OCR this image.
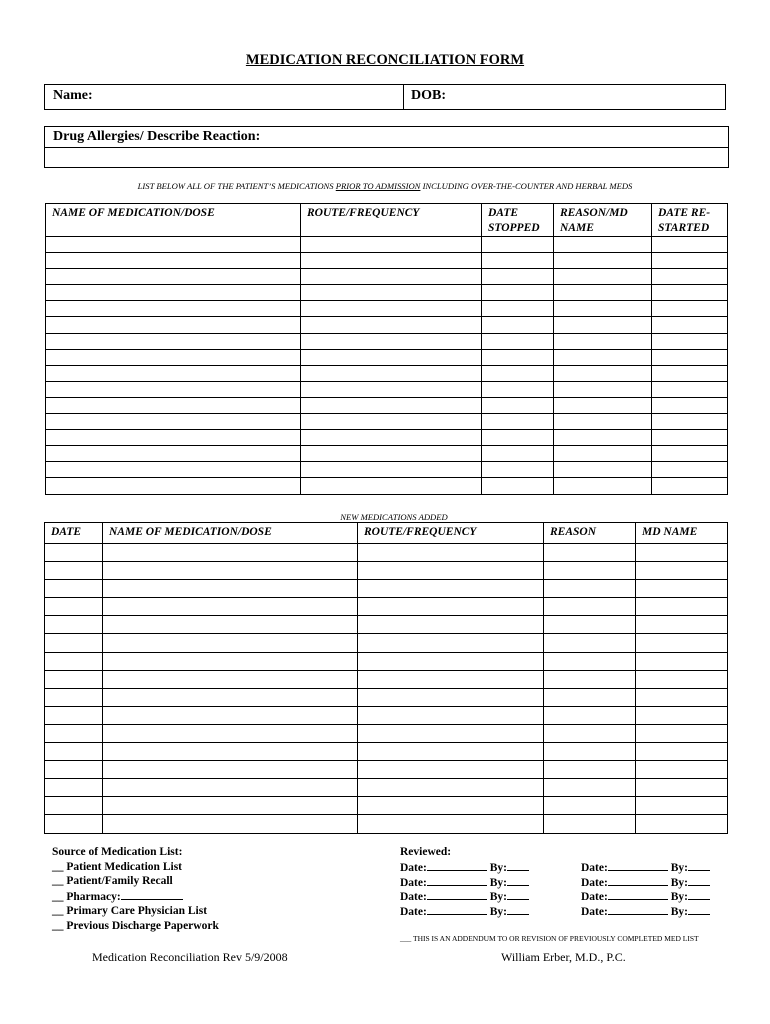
MEDICATION RECONCILIATION FORM
Name:	DOB:
Drug Allergies/ Describe Reaction:
LIST BELOW ALL OF THE PATIENT’S MEDICATIONS PRIOR TO ADMISSION INCLUDING OVER-THE-COUNTER AND HERBAL MEDS
NAME OF MEDICATION/DOSE	ROUTE/FREQUENCY	DATE STOPPED	REASON/MD NAME	DATE RE-STARTED

NEW MEDICATIONS ADDED
DATE	NAME OF MEDICATION/DOSE	ROUTE/FREQUENCY	REASON	MD NAME

Source of Medication List:
__ Patient Medication List
__ Patient/Family Recall
__ Pharmacy:
__ Primary Care Physician List
__ Previous Discharge Paperwork
Reviewed:
Date:	By:	Date:	By:
Date:	By:	Date:	By:
Date:	By:	Date:	By:
Date:	By:	Date:	By:
___ THIS IS AN ADDENDUM TO OR REVISION OF PREVIOUSLY COMPLETED MED LIST
Medication Reconciliation Rev 5/9/2008	William Erber, M.D., P.C.
